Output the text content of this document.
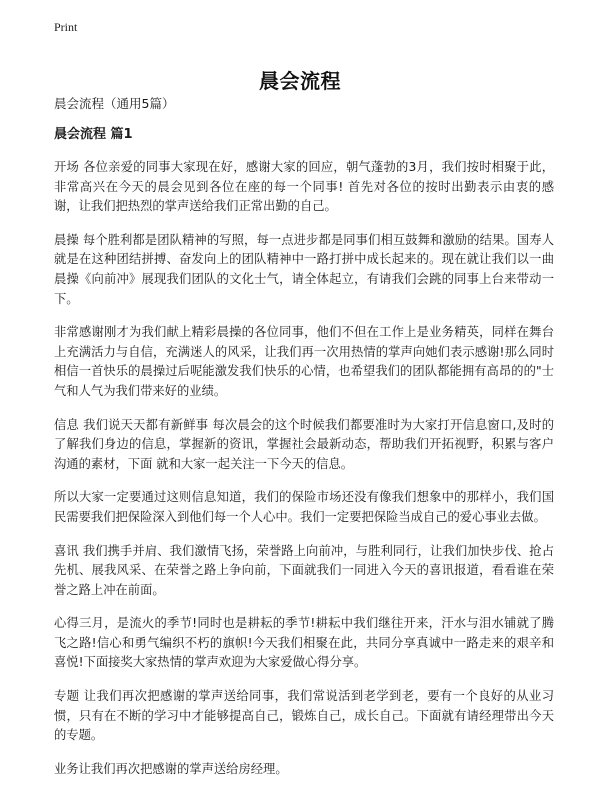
Print
晨会流程

晨会流程（通用5篇）

晨会流程 篇1

开场 各位亲爱的同事大家现在好，感谢大家的回应，朝气蓬勃的3月，我们按时相聚于此，非常高兴在今天的晨会见到各位在座的每一个同事! 首先对各位的按时出勤表示由衷的感谢，让我们把热烈的掌声送给我们正常出勤的自己。

晨操 每个胜利都是团队精神的写照，每一点进步都是同事们相互鼓舞和激励的结果。国寿人就是在这种团结拼搏、奋发向上的团队精神中一路打拼中成长起来的。现在就让我们以一曲晨操《向前冲》展现我们团队的文化士气，请全体起立，有请我们会跳的同事上台来带动一下。

非常感谢刚才为我们献上精彩晨操的各位同事，他们不但在工作上是业务精英，同样在舞台上充满活力与自信，充满迷人的风采，让我们再一次用热情的掌声向她们表示感谢!那么同时相信一首快乐的晨操过后呢能激发我们快乐的心情，也希望我们的团队都能拥有高昂的的"士气和人气为我们带来好的业绩。

信息 我们说天天都有新鲜事 每次晨会的这个时候我们都要准时为大家打开信息窗口,及时的了解我们身边的信息，掌握新的资讯，掌握社会最新动态，帮助我们开拓视野，积累与客户沟通的素材，下面 就和大家一起关注一下今天的信息。

所以大家一定要通过这则信息知道，我们的保险市场还没有像我们想象中的那样小，我们国民需要我们把保险深入到他们每一个人心中。我们一定要把保险当成自己的爱心事业去做。

喜讯 我们携手并肩、我们激情飞扬，荣誉路上向前冲，与胜利同行，让我们加快步伐、抢占先机、展我风采、在荣誉之路上争向前，下面就我们一同进入今天的喜讯报道，看看谁在荣誉之路上冲在前面。

心得三月，是流火的季节!同时也是耕耘的季节!耕耘中我们继往开来，汗水与泪水铺就了腾飞之路!信心和勇气编织不朽的旗帜!今天我们相聚在此，共同分享真诚中一路走来的艰辛和喜悦!下面接奖大家热情的掌声欢迎为大家爱做心得分享。

专题 让我们再次把感谢的掌声送给同事，我们常说活到老学到老，要有一个良好的从业习惯，只有在不断的学习中才能够提高自己，锻炼自己，成长自己。下面就有请经理带出今天的专题。

业务让我们再次把感谢的掌声送给房经理。
